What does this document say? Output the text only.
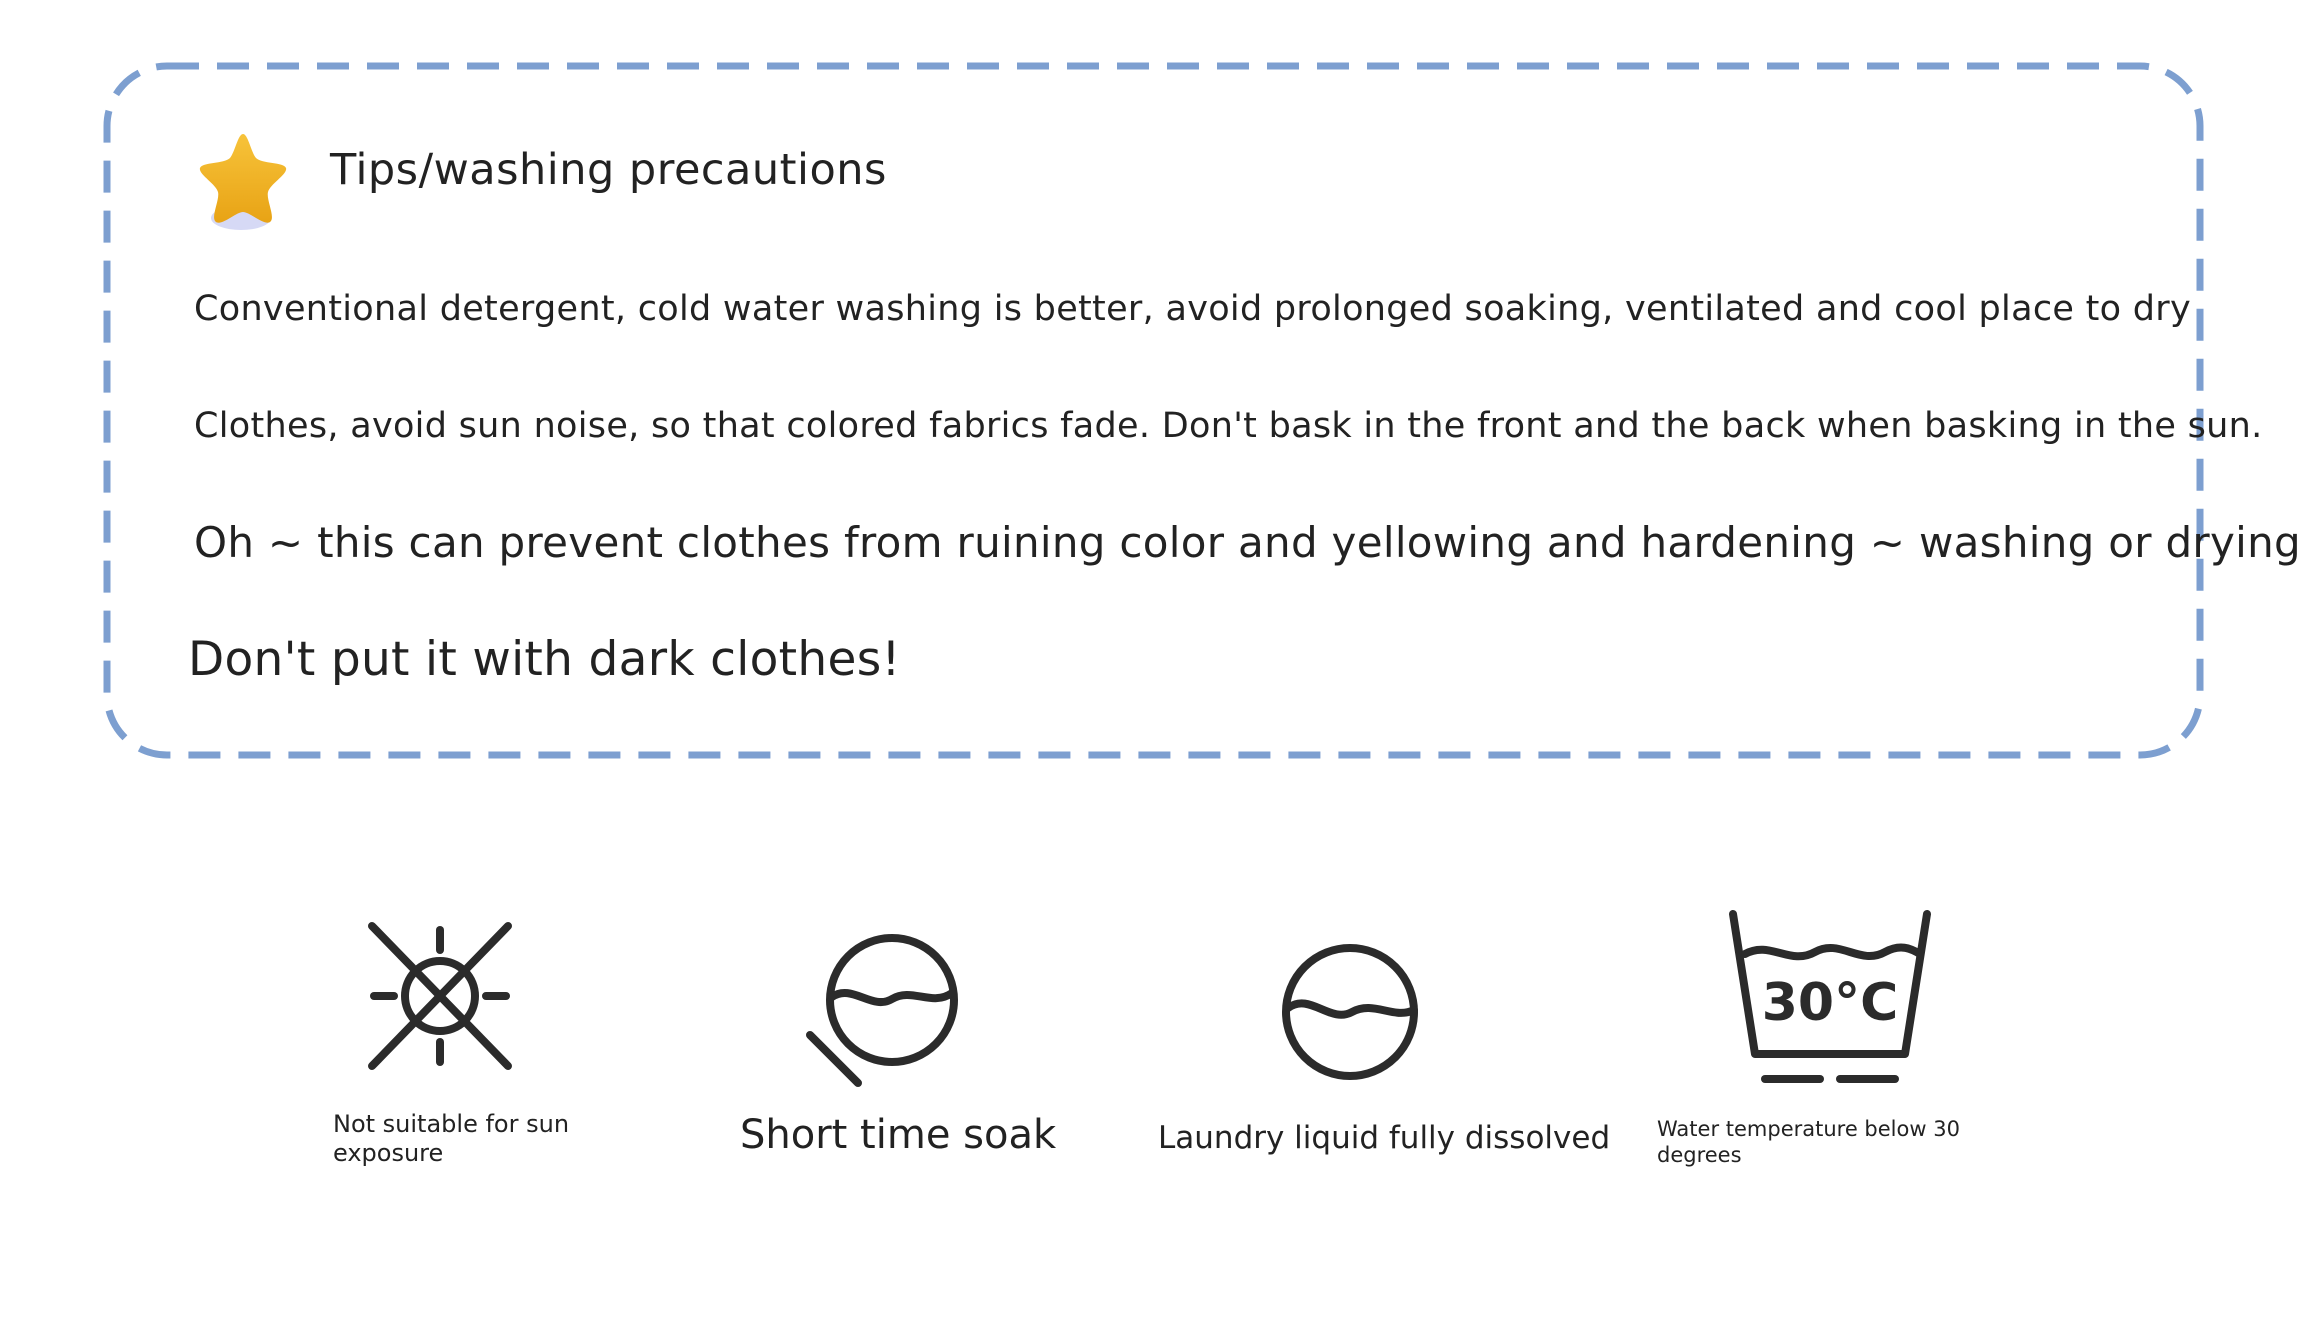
Tips/washing precautions
Conventional detergent, cold water washing is better, avoid prolonged soaking, ventilated and cool place to dry
Clothes, avoid sun noise, so that colored fabrics fade. Don't bask in the front and the back when basking in the sun.
Oh ~ this can prevent clothes from ruining color and yellowing and hardening ~ washing or drying
Don't put it with dark clothes!
Not suitable for sun exposure	Short time soak	Laundry liquid fully dissolved
30°C
Water temperature below 30 degrees
